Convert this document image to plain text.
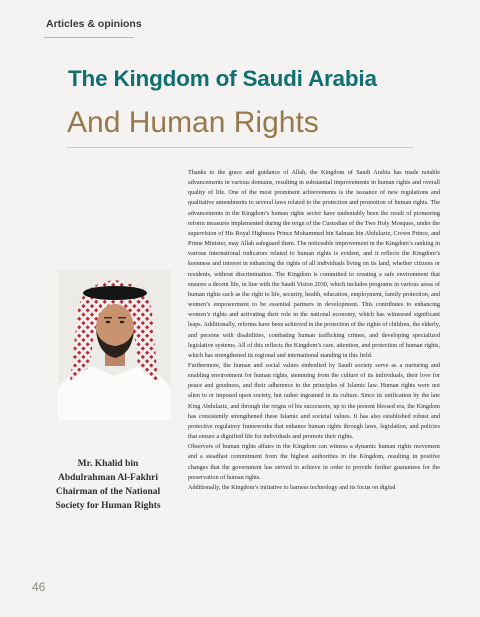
Articles & opinions
The Kingdom of Saudi Arabia
And Human Rights
Mr. Khalid bin
Abdulrahman Al-Fakhri
Chairman of the National
Society for Human Rights

Thanks to the grace and guidance of Allah, the Kingdom of Saudi Arabia has made notable advancements in various domains, resulting in substantial improvements in human rights and overall quality of life. One of the most prominent achievements is the issuance of new regulations and qualitative amendments to several laws related to the protection and promotion of human rights. The advancements in the Kingdom’s human rights sector have undeniably been the result of pioneering reform measures implemented during the reign of the Custodian of the Two Holy Mosques, under the supervision of His Royal Highness Prince Mohammed bin Salman bin Abdulaziz, Crown Prince, and Prime Minister, may Allah safeguard them. The noticeable improvement in the Kingdom’s ranking in various international indicators related to human rights is evident, and it reflects the Kingdom’s keenness and interest in enhancing the rights of all individuals living on its land, whether citizens or residents, without discrimination. The Kingdom is committed to creating a safe environment that ensures a decent life, in line with the Saudi Vision 2030, which includes programs in various areas of human rights such as the right to life, security, health, education, employment, family protection, and women’s empowerment to be essential partners in development. This contributes to enhancing women’s rights and activating their role in the national economy, which has witnessed significant leaps. Additionally, reforms have been achieved in the protection of the rights of children, the elderly, and persons with disabilities, combating human trafficking crimes, and developing specialized legislative systems. All of this reflects the Kingdom’s care, attention, and protection of human rights, which has strengthened its regional and international standing in this field.

Furthermore, the human and social values embodied by Saudi society serve as a nurturing and enabling environment for human rights, stemming from the culture of its individuals, their love for peace and goodness, and their adherence to the principles of Islamic law. Human rights were not alien to or imposed upon society, but rather ingrained in its culture. Since its unification by the late King Abdulaziz, and through the reigns of his successors, up to the present blessed era, the Kingdom has consistently strengthened these Islamic and societal values. It has also established robust and protective regulatory frameworks that enhance human rights through laws, legislation, and policies that ensure a dignified life for individuals and promote their rights.

Observers of human rights affairs in the Kingdom can witness a dynamic human rights movement and a steadfast commitment from the highest authorities in the Kingdom, resulting in positive changes that the government has strived to achieve in order to provide further guarantees for the preservation of human rights.

Additionally, the Kingdom’s initiative to harness technology and its focus on digital

46
